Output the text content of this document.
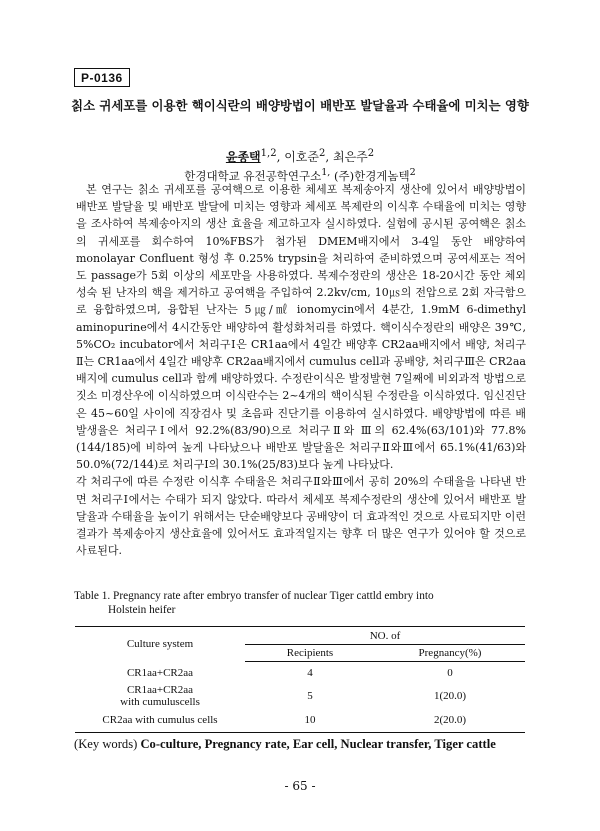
P-0136
칡소 귀세포를 이용한 핵이식란의 배양방법이 배반포 발달율과 수태율에 미치는 영향
윤종택$^{1,2}$, 이호준$^2$, 최은주$^2$
한경대학교 유전공학연구소$^{1,}$ (주)한경게놈텍$^2$

본 연구는 칡소 귀세포를 공여핵으로 이용한 체세포 복제송아지 생산에 있어서 배양방법이 배반포 발달율 및 배반포 발달에 미치는 영향과 체세포 복제란의 이식후 수태율에 미치는 영향을 조사하여 복제송아지의 생산 효율을 제고하고자 실시하였다. 실험에 공시된 공여핵은 칡소의 귀세포를 회수하여 10%FBS가 첨가된 DMEM배지에서 3-4일 동안 배양하여 monolayar Confluent 형성 후 0.25% trypsin을 처리하여 준비하였으며 공여세포는 적어도 passage가 5회 이상의 세포만을 사용하였다. 복제수정란의 생산은 18-20시간 동안 체외성숙 된 난자의 핵을 제거하고 공여핵을 주입하여 2.2kv/cm, 10㎲의 전압으로 2회 자극함으로 융합하였으며, 융합된 난자는 5㎍/㎖ ionomycin에서 4분간, 1.9mM 6-dimethyl aminopurine에서 4시간동안 배양하여 활성화처리를 하였다. 핵이식수정란의 배양은 39℃, 5%CO₂ incubator에서 처리구Ⅰ은 CR1aa에서 4일간 배양후 CR2aa배지에서 배양, 처리구Ⅱ는 CR1aa에서 4일간 배양후 CR2aa배지에서 cumulus cell과 공배양, 처리구Ⅲ은 CR2aa 배지에 cumulus cell과 함께 배양하였다. 수정란이식은 발정발현 7일째에 비외과적 방법으로 짓소 미경산우에 이식하였으며 이식란수는 2~4개의 핵이식된 수정란을 이식하였다. 임신진단은 45~60일 사이에 직장검사 및 초음파 진단기를 이용하여 실시하였다. 배양방법에 따른 배발생율은 처리구Ⅰ에서 92.2%(83/90)으로 처리구Ⅱ와 Ⅲ의 62.4%(63/101)와 77.8%(144/185)에 비하여 높게 나타났으나 배반포 발달율은 처리구Ⅱ와Ⅲ에서 65.1%(41/63)와 50.0%(72/144)로 처리구Ⅰ의 30.1%(25/83)보다 높게 나타났다.

각 처리구에 따른 수정란 이식후 수태율은 처리구Ⅱ와Ⅲ에서 공히 20%의 수태율을 나타낸 반면 처리구Ⅰ에서는 수태가 되지 않았다. 따라서 체세포 복제수정란의 생산에 있어서 배반포 발달율과 수태율을 높이기 위해서는 단순배양보다 공배양이 더 효과적인 것으로 사료되지만 이런 결과가 복제송아지 생산효율에 있어서도 효과적일지는 향후 더 많은 연구가 있어야 할 것으로 사료된다.

Table 1. Pregnancy rate after embryo transfer of nuclear Tiger cattld embry into
Holstein heifer
Culture system	NO. of	
	Recipients	Pregnancy(%)
CR1aa+CR2aa	4	0
CR1aa+CR2aa
with cumuluscells	5	1(20.0)
CR2aa with cumulus cells	10	2(20.0)
(Key words) Co-culture, Pregnancy rate, Ear cell, Nuclear transfer, Tiger cattle
- 65 -
